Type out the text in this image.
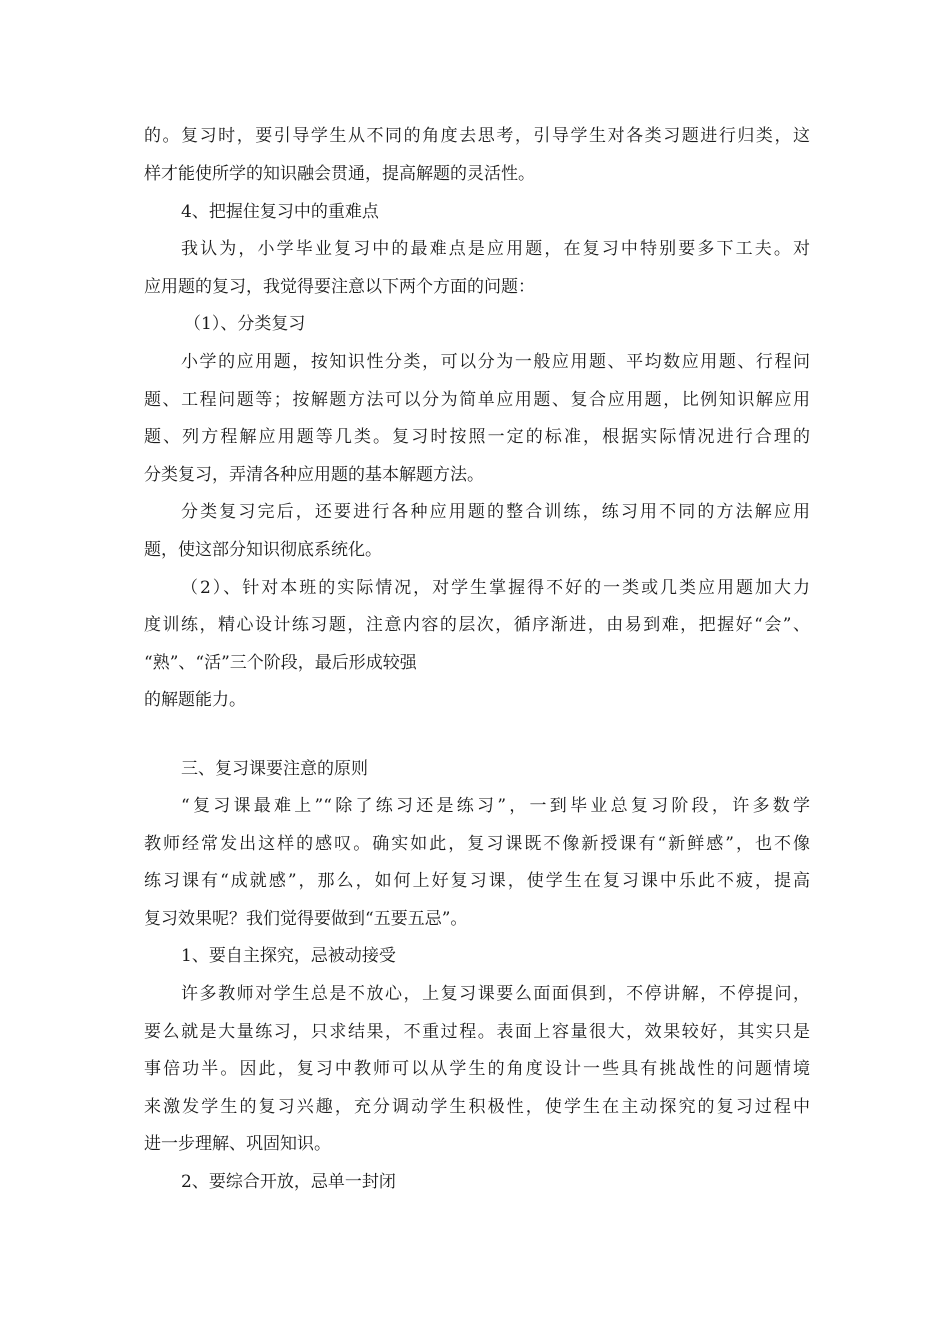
的。复习时，要引导学生从不同的角度去思考，引导学生对各类习题进行归类，这
样才能使所学的知识融会贯通，提高解题的灵活性。
4、把握住复习中的重难点
我认为，小学毕业复习中的最难点是应用题，在复习中特别要多下工夫。对
应用题的复习，我觉得要注意以下两个方面的问题：
（1）、分类复习
小学的应用题，按知识性分类，可以分为一般应用题、平均数应用题、行程问
题、工程问题等；按解题方法可以分为简单应用题、复合应用题，比例知识解应用
题、列方程解应用题等几类。复习时按照一定的标准，根据实际情况进行合理的
分类复习，弄清各种应用题的基本解题方法。
分类复习完后，还要进行各种应用题的整合训练，练习用不同的方法解应用
题，使这部分知识彻底系统化。
（2）、针对本班的实际情况，对学生掌握得不好的一类或几类应用题加大力
度训练，精心设计练习题，注意内容的层次，循序渐进，由易到难，把握好“会”、
“熟”、“活”三个阶段，最后形成较强
的解题能力。
三、复习课要注意的原则
“复习课最难上”“除了练习还是练习”，一到毕业总复习阶段，许多数学
教师经常发出这样的感叹。确实如此，复习课既不像新授课有“新鲜感”，也不像
练习课有“成就感”，那么，如何上好复习课，使学生在复习课中乐此不疲，提高
复习效果呢？我们觉得要做到“五要五忌”。
1、要自主探究，忌被动接受
许多教师对学生总是不放心，上复习课要么面面俱到，不停讲解，不停提问，
要么就是大量练习，只求结果，不重过程。表面上容量很大，效果较好，其实只是
事倍功半。因此，复习中教师可以从学生的角度设计一些具有挑战性的问题情境
来激发学生的复习兴趣，充分调动学生积极性，使学生在主动探究的复习过程中
进一步理解、巩固知识。
2、要综合开放，忌单一封闭
